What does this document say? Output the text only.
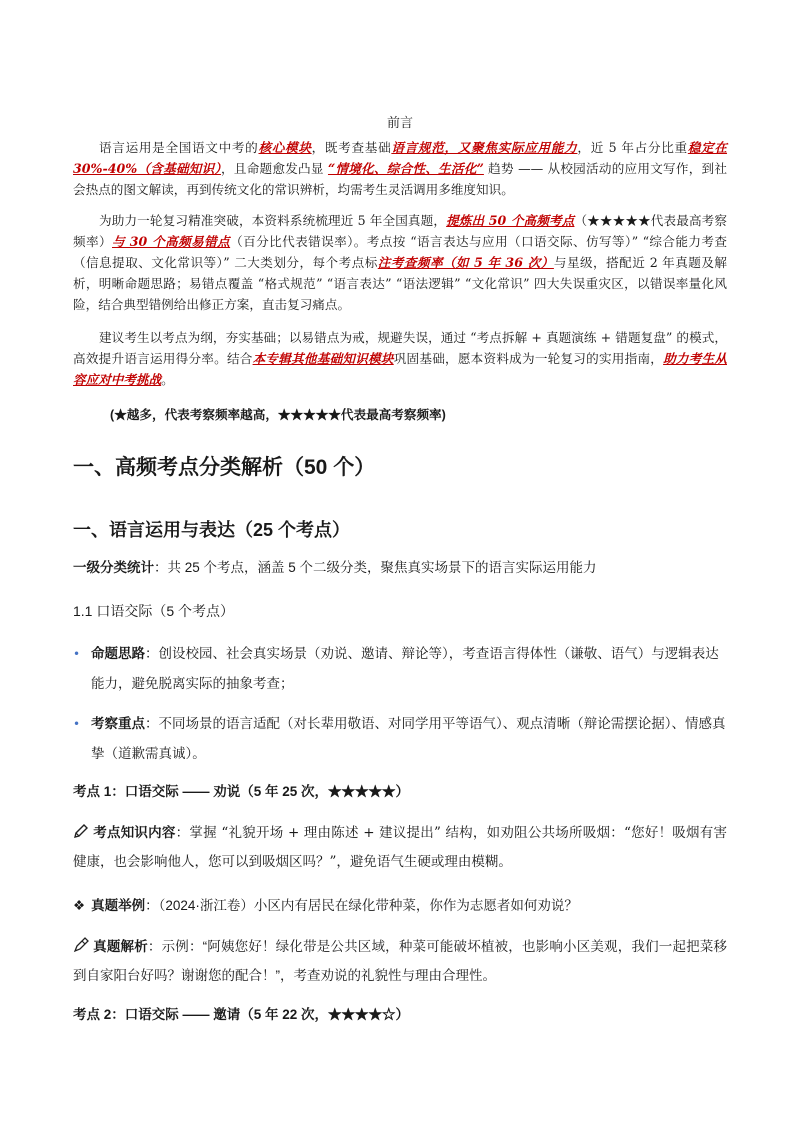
前言
语言运用是全国语文中考的核心模块，既考查基础语言规范，又聚焦实际应用能力，近 5 年占分比重稳定在 30%-40%（含基础知识），且命题愈发凸显 “情境化、综合性、生活化” 趋势 —— 从校园活动的应用文写作，到社会热点的图文解读，再到传统文化的常识辨析，均需考生灵活调用多维度知识。
为助力一轮复习精准突破，本资料系统梳理近 5 年全国真题，提炼出 50 个高频考点（★★★★★代表最高考察频率）与 30 个高频易错点（百分比代表错误率）。考点按 “语言表达与应用（口语交际、仿写等）” “综合能力考查（信息提取、文化常识等）” 二大类划分，每个考点标注考查频率（如 5 年 36 次）与星级，搭配近 2 年真题及解析，明晰命题思路；易错点覆盖 “格式规范” “语言表达” “语法逻辑” “文化常识” 四大失误重灾区，以错误率量化风险，结合典型错例给出修正方案，直击复习痛点。
建议考生以考点为纲，夯实基础；以易错点为戒，规避失误，通过 “考点拆解 + 真题演练 + 错题复盘” 的模式，高效提升语言运用得分率。结合本专辑其他基础知识模块巩固基础，愿本资料成为一轮复习的实用指南，助力考生从容应对中考挑战。
(★越多，代表考察频率越高，★★★★★代表最高考察频率)
一、高频考点分类解析（50 个）
一、语言运用与表达（25 个考点）
一级分类统计：共 25 个考点，涵盖 5 个二级分类，聚焦真实场景下的语言实际运用能力
1.1 口语交际（5 个考点）
• 命题思路：创设校园、社会真实场景（劝说、邀请、辩论等），考查语言得体性（谦敬、语气）与逻辑表达能力，避免脱离实际的抽象考查；
• 考察重点：不同场景的语言适配（对长辈用敬语、对同学用平等语气）、观点清晰（辩论需摆论据）、情感真挚（道歉需真诚）。
考点 1：口语交际 —— 劝说（5 年 25 次，★★★★★）
考点知识内容：掌握 “礼貌开场 + 理由陈述 + 建议提出” 结构，如劝阻公共场所吸烟：“您好！吸烟有害健康，也会影响他人，您可以到吸烟区吗？”，避免语气生硬或理由模糊。
❖ 真题举例：（2024·浙江卷）小区内有居民在绿化带种菜，你作为志愿者如何劝说？
真题解析：示例：“阿姨您好！绿化带是公共区域，种菜可能破坏植被，也影响小区美观，我们一起把菜移到自家阳台好吗？谢谢您的配合！”，考查劝说的礼貌性与理由合理性。
考点 2：口语交际 —— 邀请（5 年 22 次，★★★★☆）
